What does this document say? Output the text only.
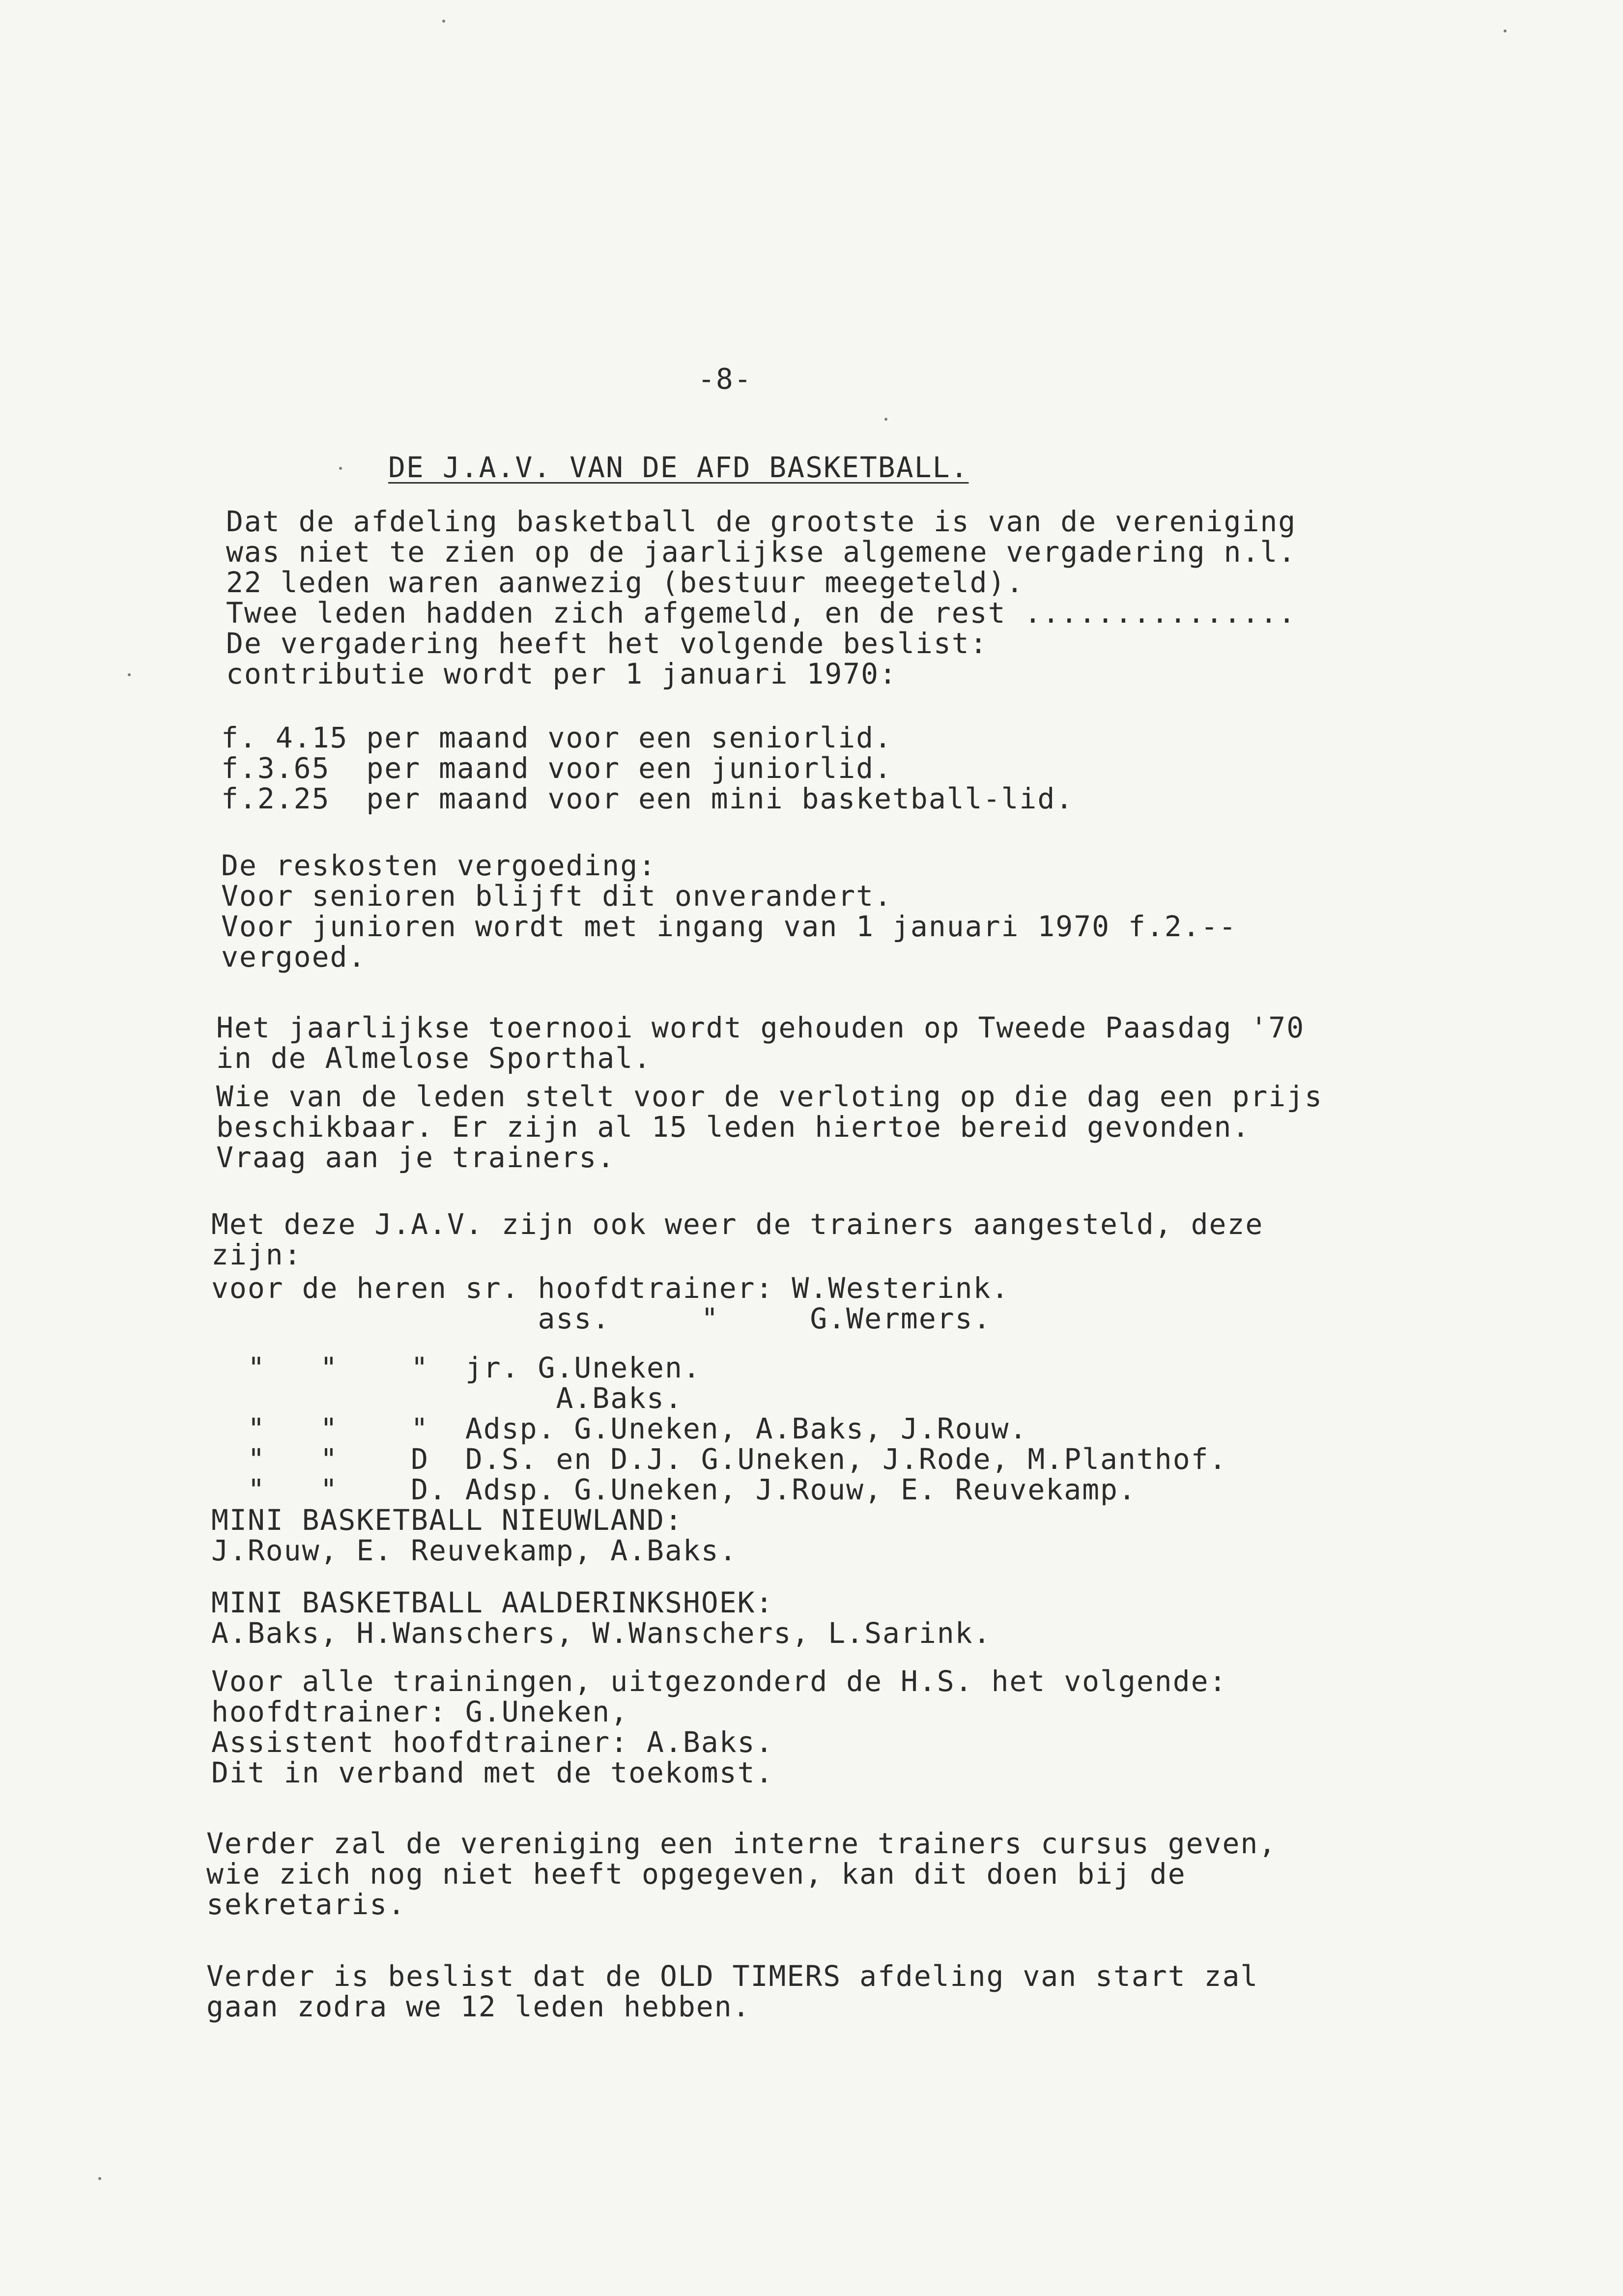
-8-
DE J.A.V. VAN DE AFD BASKETBALL.
Dat de afdeling basketball de grootste is van de vereniging
was niet te zien op de jaarlijkse algemene vergadering n.l.
22 leden waren aanwezig (bestuur meegeteld).
Twee leden hadden zich afgemeld, en de rest ...............
De vergadering heeft het volgende beslist:
contributie wordt per 1 januari 1970:
f. 4.15 per maand voor een seniorlid.
f.3.65  per maand voor een juniorlid.
f.2.25  per maand voor een mini basketball-lid.
De reskosten vergoeding:
Voor senioren blijft dit onverandert.
Voor junioren wordt met ingang van 1 januari 1970 f.2.--
vergoed.
Het jaarlijkse toernooi wordt gehouden op Tweede Paasdag '70
in de Almelose Sporthal.
Wie van de leden stelt voor de verloting op die dag een prijs
beschikbaar. Er zijn al 15 leden hiertoe bereid gevonden.
Vraag aan je trainers.
Met deze J.A.V. zijn ook weer de trainers aangesteld, deze
zijn:
voor de heren sr. hoofdtrainer: W.Westerink.
ass.     "     G.Wermers.
"   "    "  jr. G.Uneken.
A.Baks.
"   "    "  Adsp. G.Uneken, A.Baks, J.Rouw.
"   "    D  D.S. en D.J. G.Uneken, J.Rode, M.Planthof.
"   "    D. Adsp. G.Uneken, J.Rouw, E. Reuvekamp.
MINI BASKETBALL NIEUWLAND:
J.Rouw, E. Reuvekamp, A.Baks.
MINI BASKETBALL AALDERINKSHOEK:
A.Baks, H.Wanschers, W.Wanschers, L.Sarink.
Voor alle trainingen, uitgezonderd de H.S. het volgende:
hoofdtrainer: G.Uneken,
Assistent hoofdtrainer: A.Baks.
Dit in verband met de toekomst.
Verder zal de vereniging een interne trainers cursus geven,
wie zich nog niet heeft opgegeven, kan dit doen bij de
sekretaris.
Verder is beslist dat de OLD TIMERS afdeling van start zal
gaan zodra we 12 leden hebben.
